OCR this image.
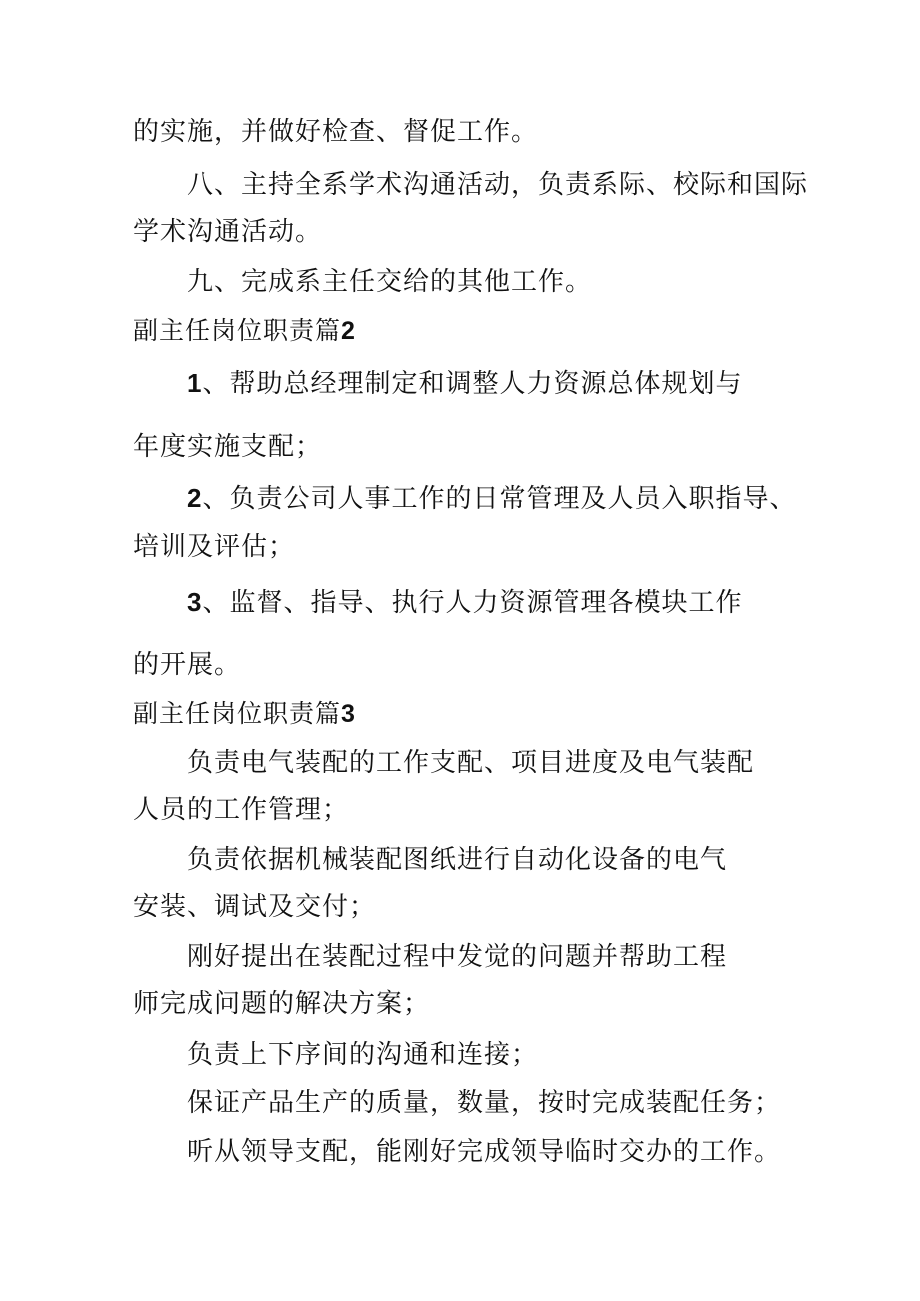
的实施，并做好检查、督促工作。
八、主持全系学术沟通活动，负责系际、校际和国际
学术沟通活动。
九、完成系主任交给的其他工作。
副主任岗位职责篇2
1、帮助总经理制定和调整人力资源总体规划与
年度实施支配；
2、负责公司人事工作的日常管理及人员入职指导、
培训及评估；
3、监督、指导、执行人力资源管理各模块工作
的开展。
副主任岗位职责篇3
负责电气装配的工作支配、项目进度及电气装配
人员的工作管理；
负责依据机械装配图纸进行自动化设备的电气
安装、调试及交付；
刚好提出在装配过程中发觉的问题并帮助工程
师完成问题的解决方案；
负责上下序间的沟通和连接；
保证产品生产的质量，数量，按时完成装配任务；
听从领导支配，能刚好完成领导临时交办的工作。
